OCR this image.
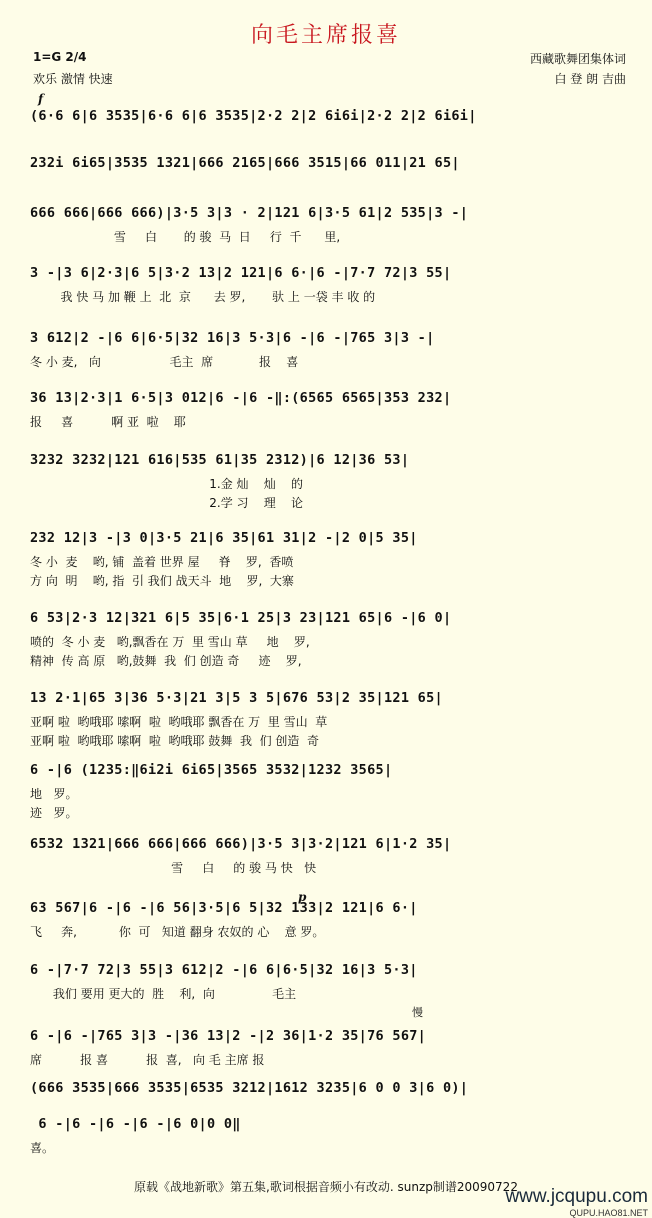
向毛主席报喜
1=G 2/4
欢乐 激情 快速
西藏歌舞团集体词
白 登 朗 吉曲
f
p
慢
(6·6 6|6 3535|6·6 6|6 3535|2·2 2|2 6i6i|2·2 2|2 6i6i|
232i 6i65|3535 1321|666 2165|666 3515|66 011|21 65|
666 666|666 666)|3·5 3|3 · 2|121 6|3·5 61|2 535|3 -|
雪     白       的 骏  马  日     行  千      里,
3 -|3 6|2·3|6 5|3·2 13|2 121|6 6·|6 -|7·7 72|3 55|
我 快 马 加 鞭 上  北  京      去 罗,       驮 上 一袋 丰 收 的
3 612|2 -|6 6|6·5|32 16|3 5·3|6 -|6 -|765 3|3 -|
冬 小 麦,   向                  毛主  席            报    喜
36 13|2·3|1 6·5|3 012|6 -|6 -‖:(6565 6565|353 232|
报     喜          啊 亚  啦    耶
3232 3232|121 616|535 61|35 2312)|6 12|36 53|
1.金 灿    灿    的
2.学 习    理    论
232 12|3 -|3 0|3·5 21|6 35|61 31|2 -|2 0|5 35|
冬 小  麦    哟, 铺  盖着 世界 屋     脊    罗,  香喷
方 向  明    哟, 指  引 我们 战天斗  地    罗,  大寨
6 53|2·3 12|321 6|5 35|6·1 25|3 23|121 65|6 -|6 0|
喷的  冬 小 麦   哟,飘香在 万  里 雪山 草     地    罗,
精神  传 高 原   哟,鼓舞  我  们 创造 奇     迹    罗,
13 2·1|65 3|36 5·3|21 3|5 3 5|676 53|2 35|121 65|
亚啊 啦  哟哦耶 嗦啊  啦  哟哦耶 飘香在 万  里 雪山  草
亚啊 啦  哟哦耶 嗦啊  啦  哟哦耶 鼓舞  我  们 创造  奇
6 -|6 (1235:‖6i2i 6i65|3565 3532|1232 3565|
地   罗。
迹   罗。
6532 1321|666 666|666 666)|3·5 3|3·2|121 6|1·2 35|
雪     白     的 骏 马 快   快
63 567|6 -|6 -|6 56|3·5|6 5|32 133|2 121|6 6·|
飞     奔,           你  可   知道 翻身 农奴的 心    意 罗。
6 -|7·7 72|3 55|3 612|2 -|6 6|6·5|32 16|3 5·3|
我们 要用 更大的  胜    利,  向               毛主
6 -|6 -|765 3|3 -|36 13|2 -|2 36|1·2 35|76 567|
席          报 喜          报  喜,   向 毛 主席 报
(666 3535|666 3535|6535 3212|1612 3235|6 0 0 3|6 0)|
6 -|6 -|6 -|6 -|6 0|0 0‖
喜。
原载《战地新歌》第五集,歌词根据音频小有改动. sunzp制谱20090722
www.jcqupu.com
QUPU.HAO81.NET
